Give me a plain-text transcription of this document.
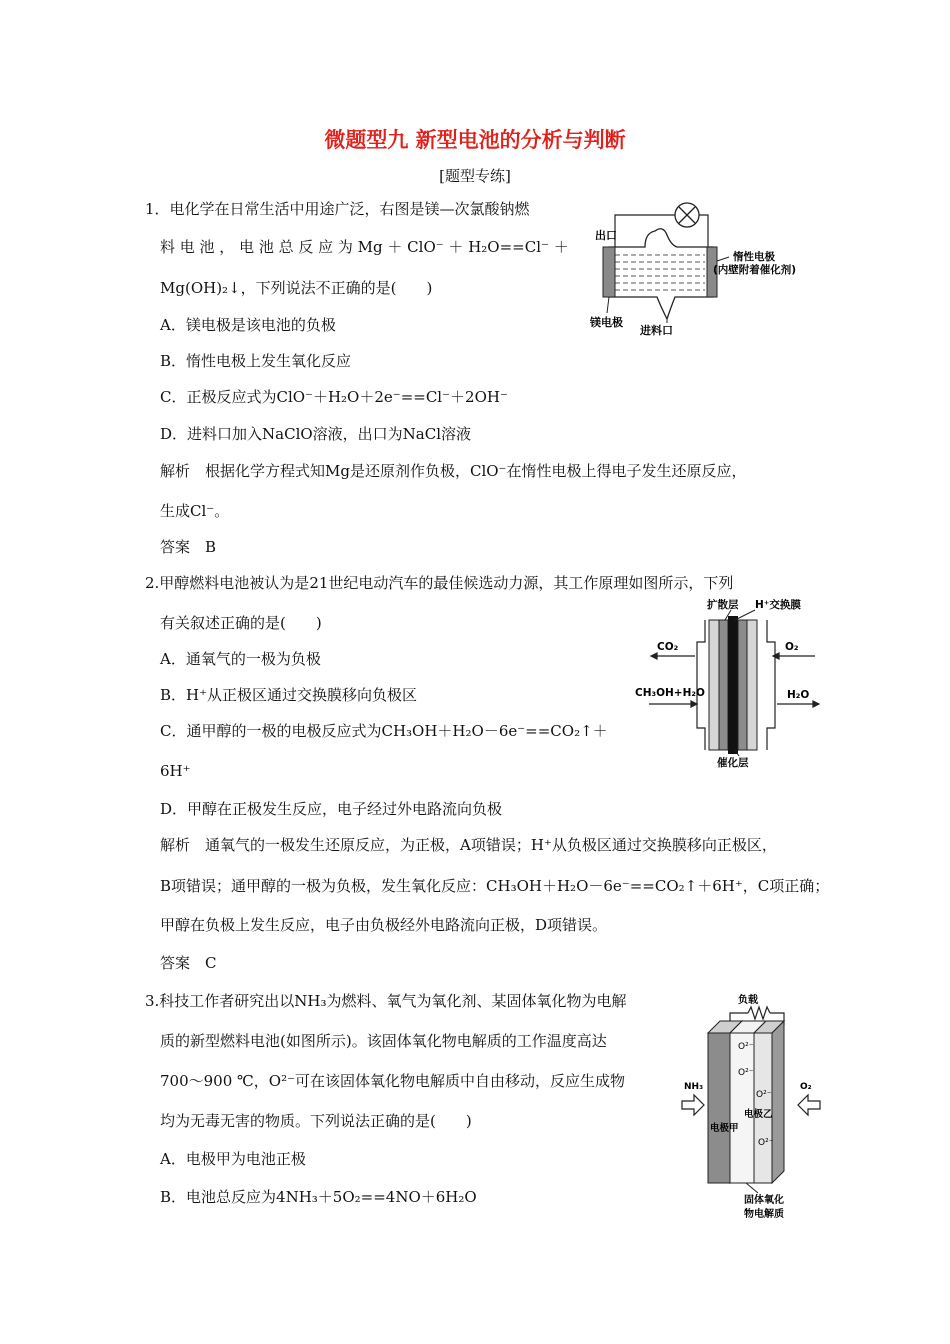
微题型九 新型电池的分析与判断
[题型专练]
1．电化学在日常生活中用途广泛，右图是镁—次氯酸钠燃
料 电 池 ， 电 池 总 反 应 为 Mg ＋ ClO⁻ ＋ H₂O==Cl⁻ ＋
Mg(OH)₂↓，下列说法不正确的是(　　)
A．镁电极是该电池的负极
B．惰性电极上发生氧化反应
C．正极反应式为ClO⁻＋H₂O＋2e⁻==Cl⁻＋2OH⁻
D．进料口加入NaClO溶液，出口为NaCl溶液
解析　根据化学方程式知Mg是还原剂作负极，ClO⁻在惰性电极上得电子发生还原反应，
生成Cl⁻。
答案　B
出口
惰性电极
(内壁附着催化剂)
镁电极
进料口
2.甲醇燃料电池被认为是21世纪电动汽车的最佳候选动力源，其工作原理如图所示，下列
有关叙述正确的是(　　)
A．通氧气的一极为负极
B．H⁺从正极区通过交换膜移向负极区
C．通甲醇的一极的电极反应式为CH₃OH＋H₂O－6e⁻==CO₂↑＋
6H⁺
D．甲醇在正极发生反应，电子经过外电路流向负极
解析　通氧气的一极发生还原反应，为正极，A项错误；H⁺从负极区通过交换膜移向正极区，
B项错误；通甲醇的一极为负极，发生氧化反应：CH₃OH＋H₂O－6e⁻==CO₂↑＋6H⁺，C项正确；
甲醇在负极上发生反应，电子由负极经外电路流向正极，D项错误。
答案　C
扩散层 H⁺交换膜
CO₂	O₂
CH₃OH+H₂O	H₂O
催化层
3.科技工作者研究出以NH₃为燃料、氧气为氧化剂、某固体氧化物为电解
质的新型燃料电池(如图所示)。该固体氧化物电解质的工作温度高达
700～900 ℃，O²⁻可在该固体氧化物电解质中自由移动，反应生成物
均为无毒无害的物质。下列说法正确的是(　　)
A．电极甲为电池正极
B．电池总反应为4NH₃＋5O₂==4NO＋6H₂O
负载
NH₃	O₂
O²⁻
O²⁻
O²⁻
O²⁻
电极乙
电极甲
固体氧化
物电解质
